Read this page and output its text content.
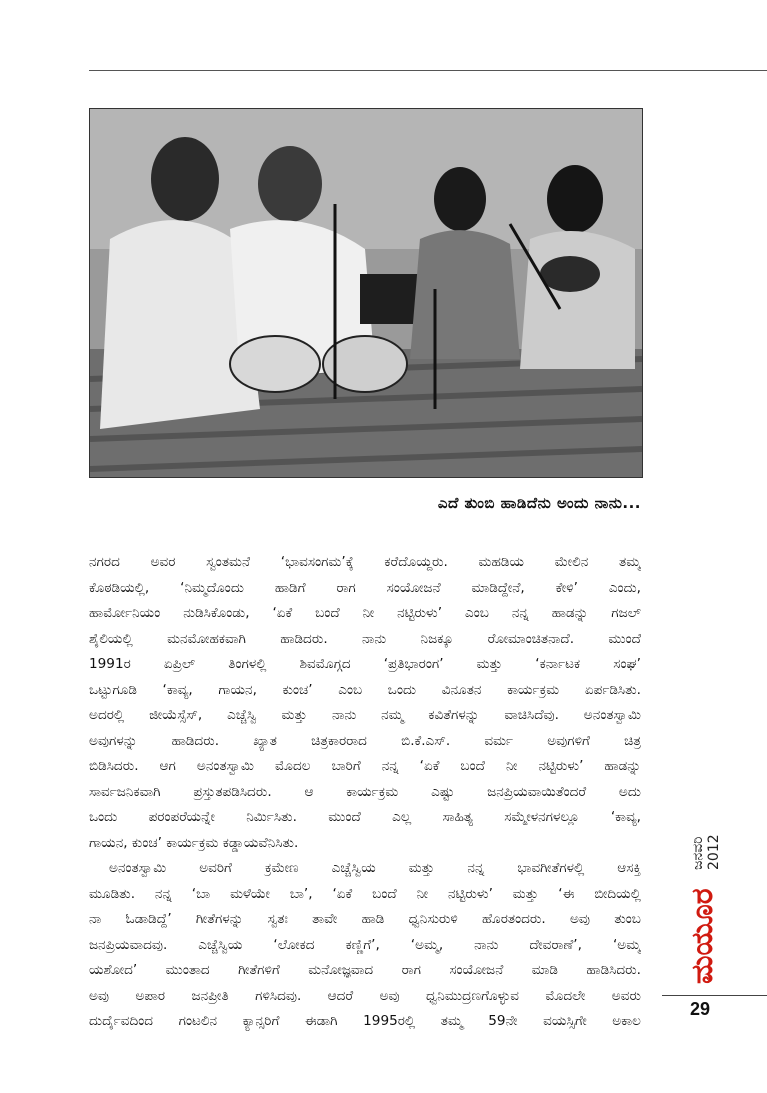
ಎದೆ ತುಂಬಿ ಹಾಡಿದೆನು ಅಂದು ನಾನು...
ನಗರದ ಅವರ ಸ್ವಂತಮನೆ ‘ಭಾವಸಂಗಮ’ಕ್ಕೆ ಕರೆದೊಯ್ದರು. ಮಹಡಿಯ ಮೇಲಿನ ತಮ್ಮ
ಕೊಠಡಿಯಲ್ಲಿ, ‘ನಿಮ್ಮದೊಂದು ಹಾಡಿಗೆ ರಾಗ ಸಂಯೋಜನೆ ಮಾಡಿದ್ದೇನೆ, ಕೇಳಿ’ ಎಂದು,
ಹಾರ್ಮೋನಿಯಂ ನುಡಿಸಿಕೊಂಡು, ‘ಏಕೆ ಬಂದೆ ನೀ ನಟ್ಟಿರುಳು’ ಎಂಬ ನನ್ನ ಹಾಡನ್ನು ಗಜಲ್
ಶೈಲಿಯಲ್ಲಿ ಮನಮೋಹಕವಾಗಿ ಹಾಡಿದರು. ನಾನು ನಿಜಕ್ಕೂ ರೋಮಾಂಚಿತನಾದೆ. ಮುಂದೆ
1991ರ ಏಪ್ರಿಲ್ ತಿಂಗಳಲ್ಲಿ ಶಿವಮೊಗ್ಗದ ‘ಪ್ರತಿಭಾರಂಗ’ ಮತ್ತು ‘ಕರ್ನಾಟಕ ಸಂಘ’
ಒಟ್ಟುಗೂಡಿ ‘ಕಾವ್ಯ, ಗಾಯನ, ಕುಂಚ’ ಎಂಬ ಒಂದು ವಿನೂತನ ಕಾರ್ಯಕ್ರಮ ಏರ್ಪಡಿಸಿತು.
ಅದರಲ್ಲಿ ಜೀಯೆಸ್ಸೆಸ್, ಎಚ್ಚೆಸ್ವಿ ಮತ್ತು ನಾನು ನಮ್ಮ ಕವಿತೆಗಳನ್ನು ವಾಚಿಸಿದೆವು. ಅನಂತಸ್ವಾಮಿ
ಅವುಗಳನ್ನು ಹಾಡಿದರು. ಖ್ಯಾತ ಚಿತ್ರಕಾರರಾದ ಬಿ.ಕೆ.ಎಸ್. ವರ್ಮ ಅವುಗಳಿಗೆ ಚಿತ್ರ
ಬಿಡಿಸಿದರು. ಆಗ ಅನಂತಸ್ವಾಮಿ ಮೊದಲ ಬಾರಿಗೆ ನನ್ನ ‘ಏಕೆ ಬಂದೆ ನೀ ನಟ್ಟಿರುಳು’ ಹಾಡನ್ನು
ಸಾರ್ವಜನಿಕವಾಗಿ ಪ್ರಸ್ತುತಪಡಿಸಿದರು. ಆ ಕಾರ್ಯಕ್ರಮ ಎಷ್ಟು ಜನಪ್ರಿಯವಾಯಿತೆಂದರೆ ಅದು
ಒಂದು ಪರಂಪರೆಯನ್ನೇ ನಿರ್ಮಿಸಿತು. ಮುಂದೆ ಎಲ್ಲ ಸಾಹಿತ್ಯ ಸಮ್ಮೇಳನಗಳಲ್ಲೂ ‘ಕಾವ್ಯ,
ಗಾಯನ, ಕುಂಚ’ ಕಾರ್ಯಕ್ರಮ ಕಡ್ಡಾಯವೆನಿಸಿತು.
ಅನಂತಸ್ವಾಮಿ ಅವರಿಗೆ ಕ್ರಮೇಣ ಎಚ್ಚೆಸ್ವಿಯ ಮತ್ತು ನನ್ನ ಭಾವಗೀತೆಗಳಲ್ಲಿ ಆಸಕ್ತಿ
ಮೂಡಿತು. ನನ್ನ ‘ಬಾ ಮಳೆಯೇ ಬಾ’, ‘ಏಕೆ ಬಂದೆ ನೀ ನಟ್ಟಿರುಳು’ ಮತ್ತು ‘ಈ ಬೀದಿಯಲ್ಲಿ
ನಾ ಓಡಾಡಿದ್ದೆ’ ಗೀತೆಗಳನ್ನು ಸ್ವತಃ ತಾವೇ ಹಾಡಿ ಧ್ವನಿಸುರುಳಿ ಹೊರತಂದರು. ಅವು ತುಂಬ
ಜನಪ್ರಿಯವಾದವು. ಎಚ್ಚೆಸ್ವಿಯ ‘ಲೋಕದ ಕಣ್ಣಿಗೆ’, ‘ಅಮ್ಮ, ನಾನು ದೇವರಾಣೆ’, ‘ಅಮ್ಮ
ಯಶೋದ’ ಮುಂತಾದ ಗೀತೆಗಳಿಗೆ ಮನೋಜ್ಞವಾದ ರಾಗ ಸಂಯೋಜನೆ ಮಾಡಿ ಹಾಡಿಸಿದರು.
ಅವು ಅಪಾರ ಜನಪ್ರೀತಿ ಗಳಿಸಿದವು. ಆದರೆ ಅವು ಧ್ವನಿಮುದ್ರಣಗೊಳ್ಳುವ ಮೊದಲೇ ಅವರು
ದುರ್ದೈವದಿಂದ ಗಂಟಲಿನ ಕ್ಯಾನ್ಸರಿಗೆ ಈಡಾಗಿ 1995ರಲ್ಲಿ ತಮ್ಮ 59ನೇ ವಯಸ್ಸಿಗೇ ಅಕಾಲ
ಜನವರಿ 2012
ಮಯೂರ
29
